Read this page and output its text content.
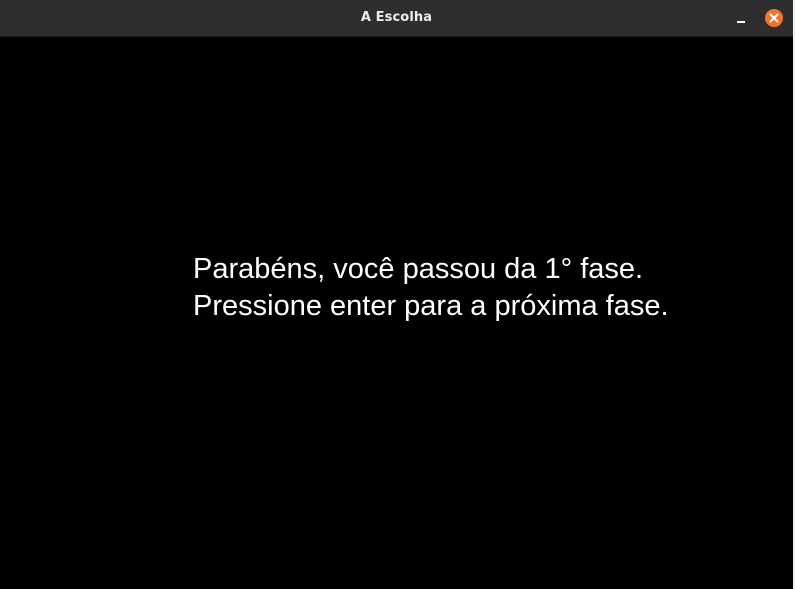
A Escolha
Parabéns, você passou da 1° fase.
Pressione enter para a próxima fase.
